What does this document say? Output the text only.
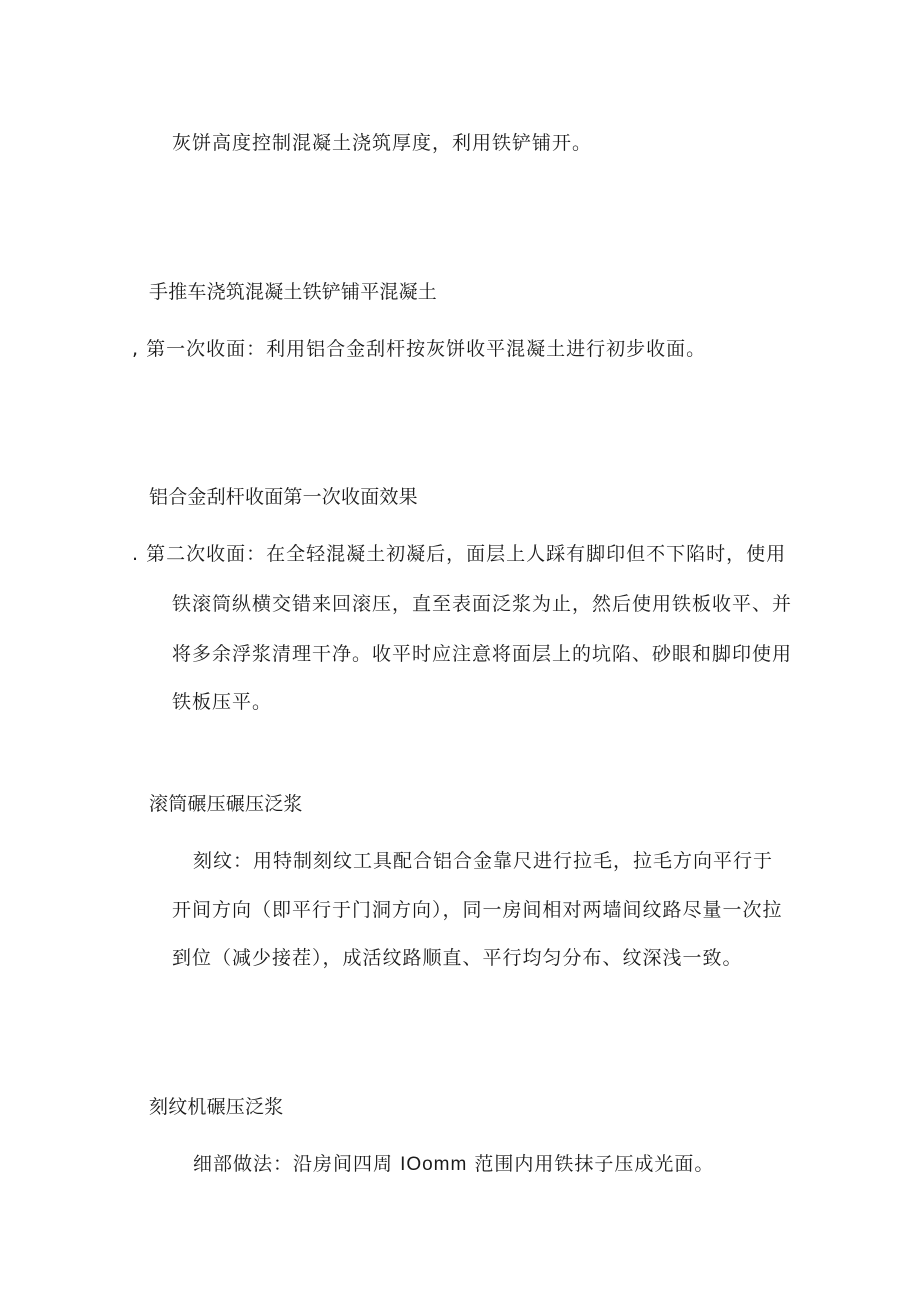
灰饼高度控制混凝土浇筑厚度，利用铁铲铺开。
手推车浇筑混凝土铁铲铺平混凝土
, 第一次收面：利用铝合金刮杆按灰饼收平混凝土进行初步收面。
铝合金刮杆收面第一次收面效果
. 第二次收面：在全轻混凝土初凝后，面层上人踩有脚印但不下陷时，使用
铁滚筒纵横交错来回滚压，直至表面泛浆为止，然后使用铁板收平、并
将多余浮浆清理干净。收平时应注意将面层上的坑陷、砂眼和脚印使用
铁板压平。
滚筒碾压碾压泛浆
刻纹：用特制刻纹工具配合铝合金靠尺进行拉毛，拉毛方向平行于
开间方向（即平行于门洞方向），同一房间相对两墙间纹路尽量一次拉
到位（减少接茬），成活纹路顺直、平行均匀分布、纹深浅一致。
刻纹机碾压泛浆
细部做法：沿房间四周 IOomm 范围内用铁抹子压成光面。
